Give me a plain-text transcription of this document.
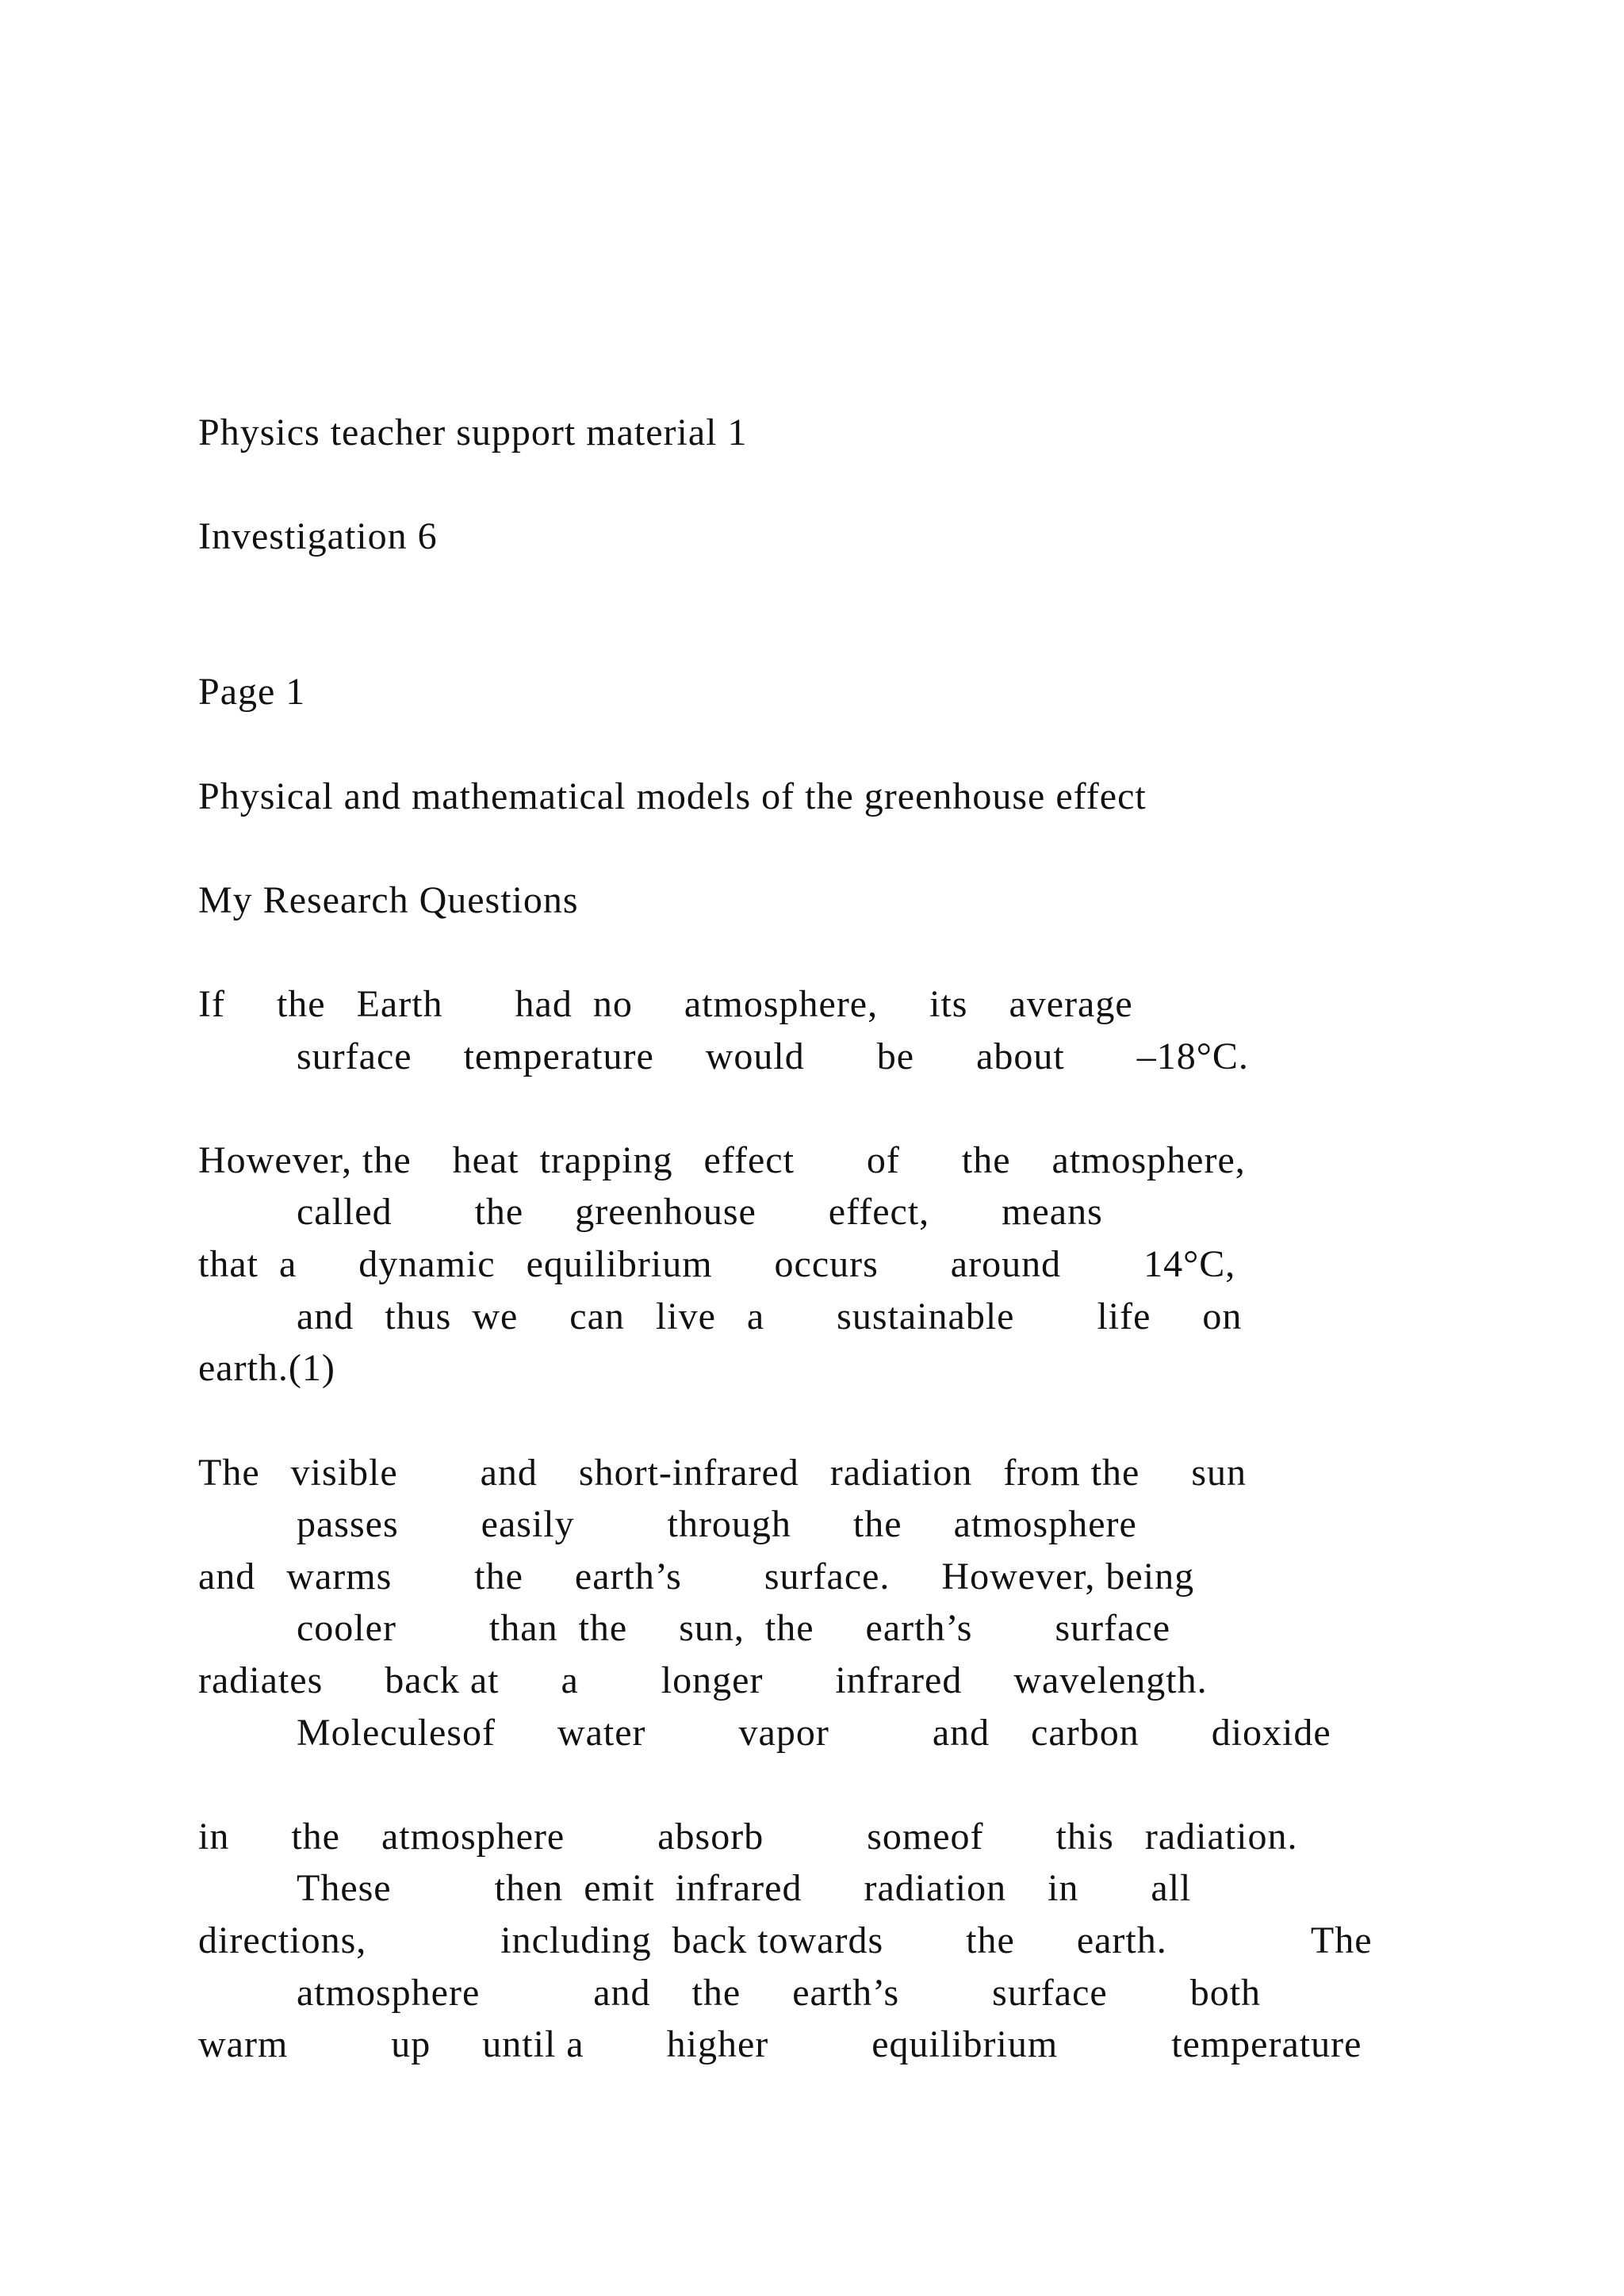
Physics teacher support material 1
Investigation 6
Page 1
Physical and mathematical models of the greenhouse effect
My Research Questions
If     the   Earth       had  no     atmosphere,     its    average
surface     temperature     would       be      about       –18°C.
However, the    heat  trapping   effect       of      the    atmosphere,
called        the     greenhouse       effect,       means
that  a      dynamic   equilibrium      occurs       around        14°C,
and   thus  we     can   live   a       sustainable        life     on
earth.(1)
The   visible        and    short-infrared   radiation   from the     sun
passes        easily         through      the     atmosphere
and   warms        the     earth’s        surface.     However, being
cooler         than  the     sun,  the     earth’s        surface
radiates      back at      a        longer       infrared     wavelength.
Moleculesof      water         vapor          and    carbon       dioxide
in      the    atmosphere         absorb          someof       this   radiation.
These          then  emit  infrared      radiation    in       all
directions,             including  back towards        the      earth.              The
atmosphere           and    the     earth’s         surface        both
warm          up     until a        higher          equilibrium           temperature
